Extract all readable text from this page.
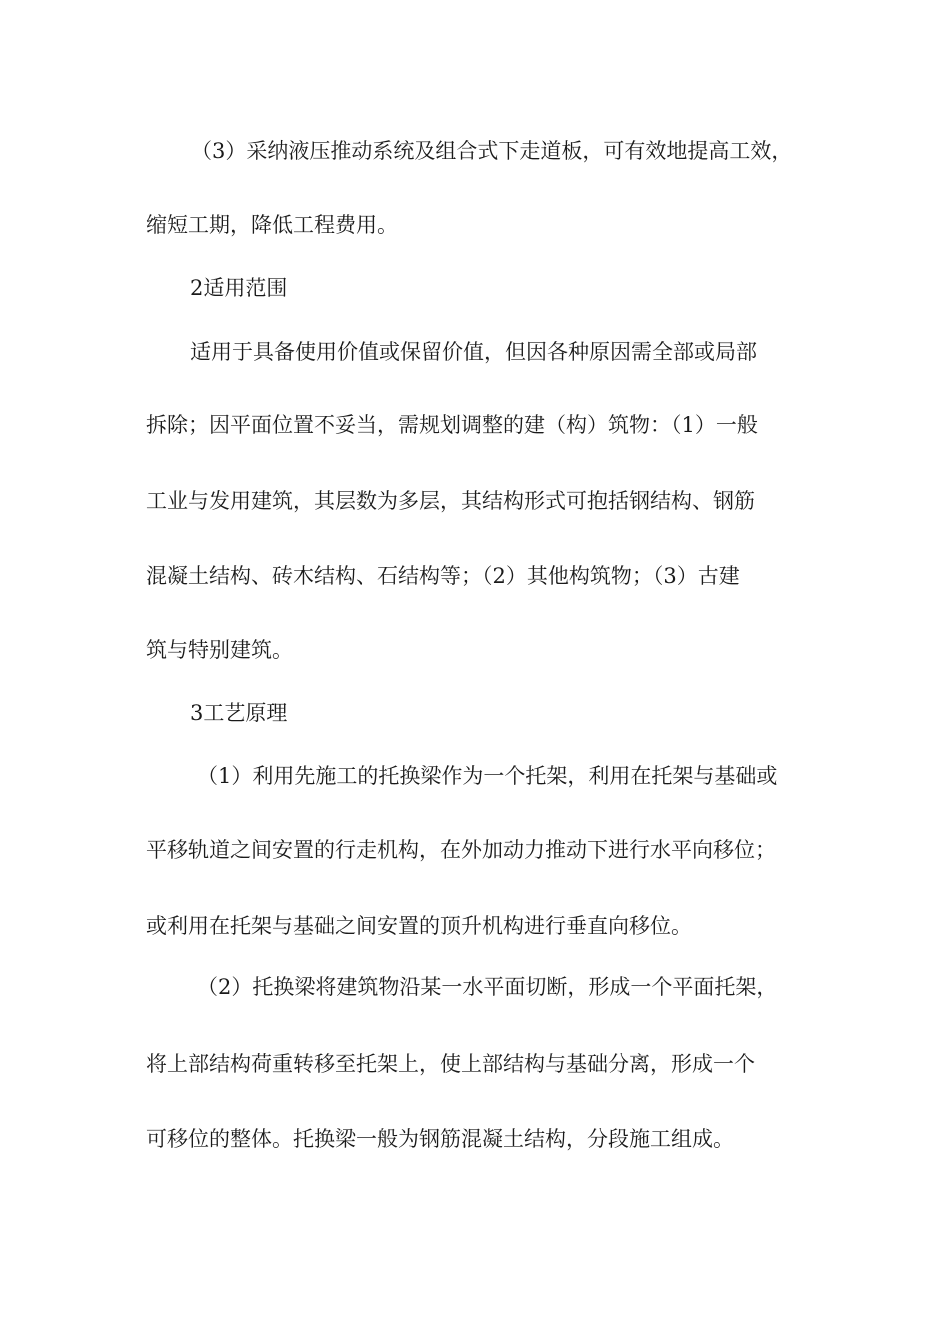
（3）采纳液压推动系统及组合式下走道板，可有效地提高工效，
缩短工期，降低工程费用。
2适用范围
适用于具备使用价值或保留价值，但因各种原因需全部或局部
拆除；因平面位置不妥当，需规划调整的建（构）筑物：（1）一般
工业与发用建筑，其层数为多层，其结构形式可抱括钢结构、钢筋
混凝土结构、砖木结构、石结构等；（2）其他构筑物；（3）古建
筑与特别建筑。
3工艺原理
（1）利用先施工的托换梁作为一个托架，利用在托架与基础或
平移轨道之间安置的行走机构，在外加动力推动下进行水平向移位；
或利用在托架与基础之间安置的顶升机构进行垂直向移位。
（2）托换梁将建筑物沿某一水平面切断，形成一个平面托架，
将上部结构荷重转移至托架上，使上部结构与基础分离，形成一个
可移位的整体。托换梁一般为钢筋混凝土结构，分段施工组成。
